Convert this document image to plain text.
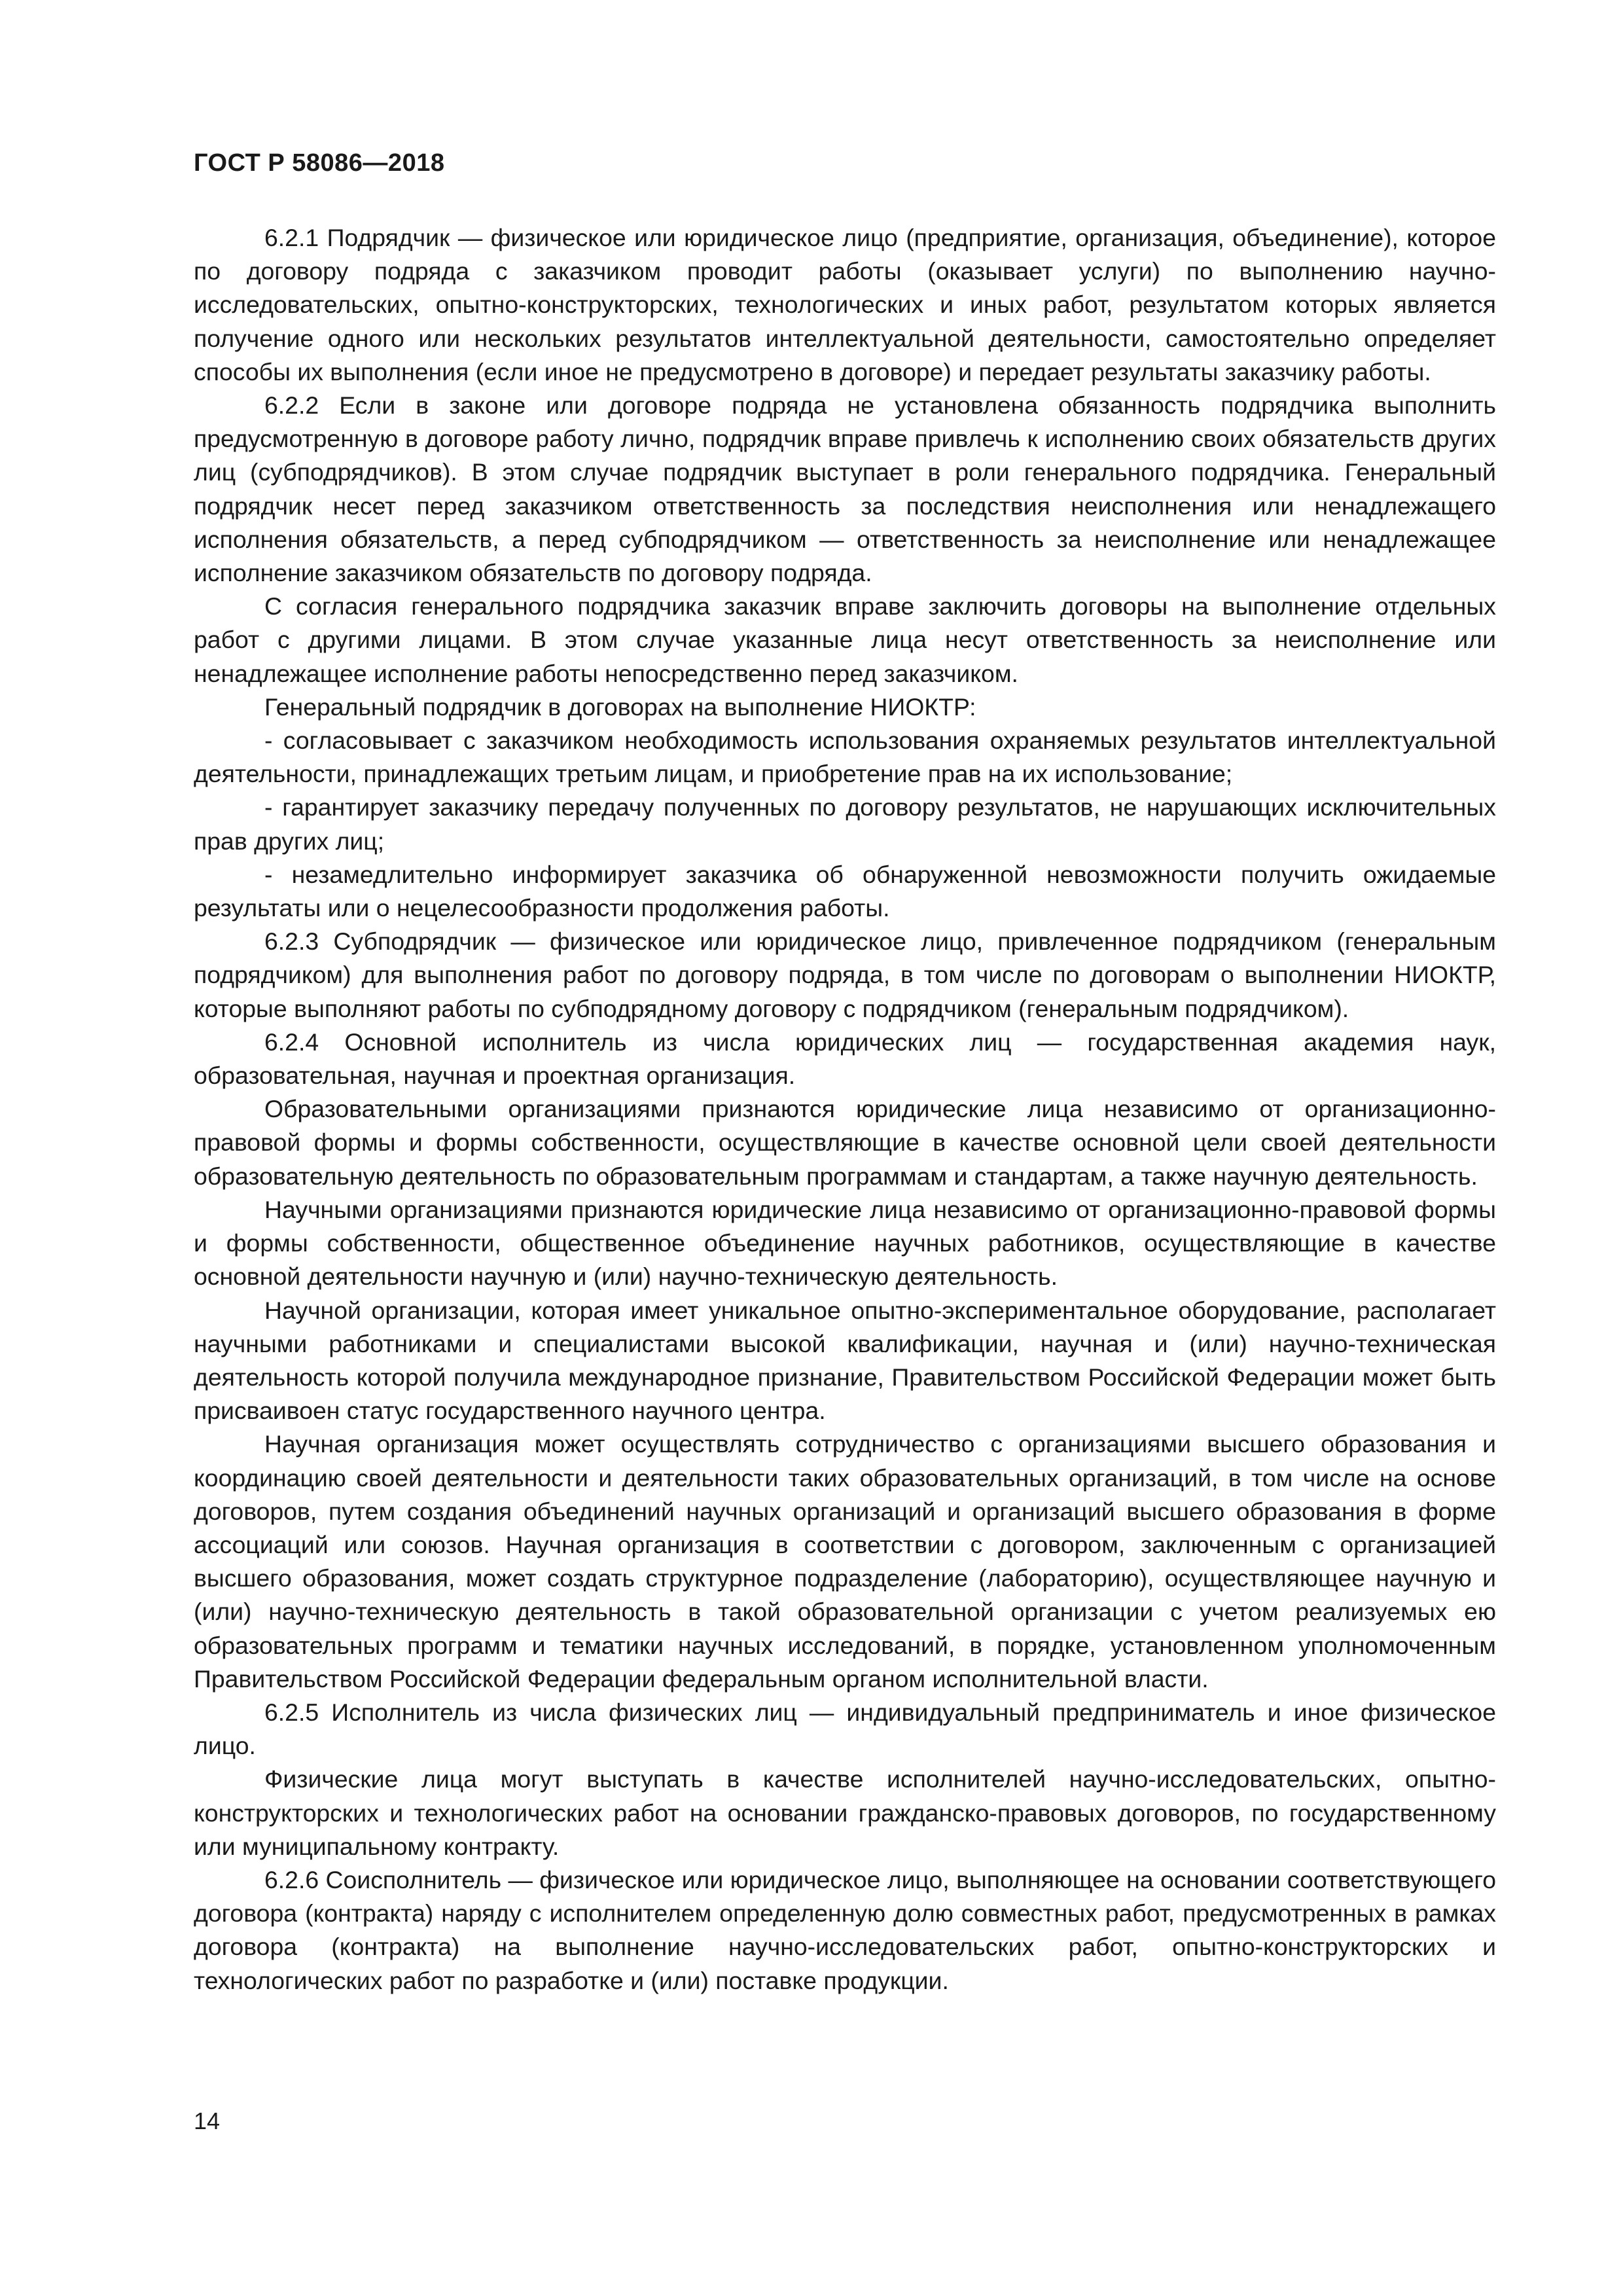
ГОСТ Р 58086—2018

6.2.1 Подрядчик — физическое или юридическое лицо (предприятие, организация, объединение), которое по договору подряда с заказчиком проводит работы (оказывает услуги) по выполнению научно-исследовательских, опытно-конструкторских, технологических и иных работ, результатом которых является получение одного или нескольких результатов интеллектуальной деятельности, самостоятельно определяет способы их выполнения (если иное не предусмотрено в договоре) и передает результаты заказчику работы.

6.2.2 Если в законе или договоре подряда не установлена обязанность подрядчика выполнить предусмотренную в договоре работу лично, подрядчик вправе привлечь к исполнению своих обязательств других лиц (субподрядчиков). В этом случае подрядчик выступает в роли генерального подрядчика. Генеральный подрядчик несет перед заказчиком ответственность за последствия неисполнения или ненадлежащего исполнения обязательств, а перед субподрядчиком — ответственность за неисполнение или ненадлежащее исполнение заказчиком обязательств по договору подряда.

С согласия генерального подрядчика заказчик вправе заключить договоры на выполнение отдельных работ с другими лицами. В этом случае указанные лица несут ответственность за неисполнение или ненадлежащее исполнение работы непосредственно перед заказчиком.

Генеральный подрядчик в договорах на выполнение НИОКТР:

- согласовывает с заказчиком необходимость использования охраняемых результатов интеллектуальной деятельности, принадлежащих третьим лицам, и приобретение прав на их использование;

- гарантирует заказчику передачу полученных по договору результатов, не нарушающих исключительных прав других лиц;

- незамедлительно информирует заказчика об обнаруженной невозможности получить ожидаемые результаты или о нецелесообразности продолжения работы.

6.2.3 Субподрядчик — физическое или юридическое лицо, привлеченное подрядчиком (генеральным подрядчиком) для выполнения работ по договору подряда, в том числе по договорам о выполнении НИОКТР, которые выполняют работы по субподрядному договору с подрядчиком (генеральным подрядчиком).

6.2.4 Основной исполнитель из числа юридических лиц — государственная академия наук, образовательная, научная и проектная организация.

Образовательными организациями признаются юридические лица независимо от организационно-правовой формы и формы собственности, осуществляющие в качестве основной цели своей деятельности образовательную деятельность по образовательным программам и стандартам, а также научную деятельность.

Научными организациями признаются юридические лица независимо от организационно-правовой формы и формы собственности, общественное объединение научных работников, осуществляющие в качестве основной деятельности научную и (или) научно-техническую деятельность.

Научной организации, которая имеет уникальное опытно-экспериментальное оборудование, располагает научными работниками и специалистами высокой квалификации, научная и (или) научно-техническая деятельность которой получила международное признание, Правительством Российской Федерации может быть присваивоен статус государственного научного центра.

Научная организация может осуществлять сотрудничество с организациями высшего образования и координацию своей деятельности и деятельности таких образовательных организаций, в том числе на основе договоров, путем создания объединений научных организаций и организаций высшего образования в форме ассоциаций или союзов. Научная организация в соответствии с договором, заключенным с организацией высшего образования, может создать структурное подразделение (лабораторию), осуществляющее научную и (или) научно-техническую деятельность в такой образовательной организации с учетом реализуемых ею образовательных программ и тематики научных исследований, в порядке, установленном уполномоченным Правительством Российской Федерации федеральным органом исполнительной власти.

6.2.5 Исполнитель из числа физических лиц — индивидуальный предприниматель и иное физическое лицо.

Физические лица могут выступать в качестве исполнителей научно-исследовательских, опытно-конструкторских и технологических работ на основании гражданско-правовых договоров, по государственному или муниципальному контракту.

6.2.6 Соисполнитель — физическое или юридическое лицо, выполняющее на основании соответствующего договора (контракта) наряду с исполнителем определенную долю совместных работ, предусмотренных в рамках договора (контракта) на выполнение научно-исследовательских работ, опытно-конструкторских и технологических работ по разработке и (или) поставке продукции.

14
